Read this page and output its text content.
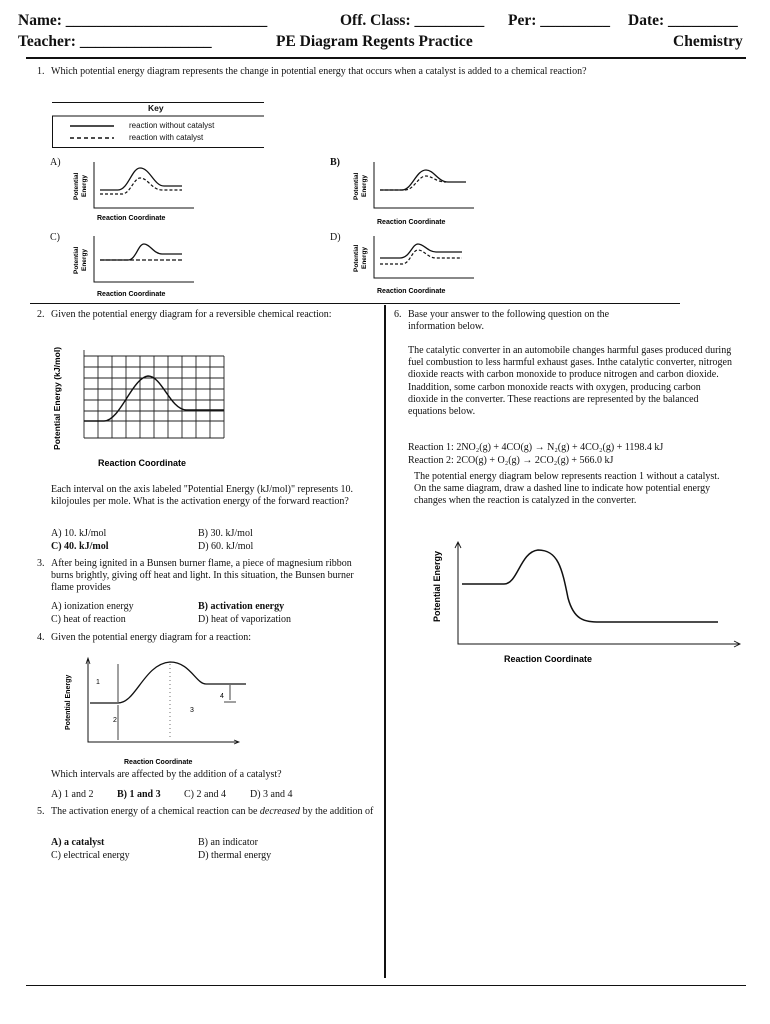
Name: __________________________	Off. Class: _________ Per: _________ Date: _________
Teacher: _________________	PE Diagram Regents Practice	Chemistry
1. Which potential energy diagram represents the change in potential energy that occurs when a catalyst is added to a chemical reaction?
Key
reaction without catalyst
reaction with catalyst
A)
Potential Energy
Reaction Coordinate
B)
Potential Energy
Reaction Coordinate
C)
Potential Energy
Reaction Coordinate
D)
Potential Energy
Reaction Coordinate
2. Given the potential energy diagram for a reversible chemical reaction:
Potential Energy (kJ/mol)
Reaction Coordinate
Each interval on the axis labeled "Potential Energy (kJ/mol)" represents 10. kilojoules per mole. What is the activation energy of the forward reaction?
A) 10. kJ/mol	B) 30. kJ/mol
C) 40. kJ/mol	D) 60. kJ/mol
3. After being ignited in a Bunsen burner flame, a piece of magnesium ribbon burns brightly, giving off heat and light. In this situation, the Bunsen burner flame provides
A) ionization energy	B) activation energy
C) heat of reaction	D) heat of vaporization
4. Given the potential energy diagram for a reaction:
1
2
3
4
Potential Energy
Reaction Coordinate
Which intervals are affected by the addition of a catalyst?
A) 1 and 2 B) 1 and 3 C) 2 and 4 D) 3 and 4
5. The activation energy of a chemical reaction can be decreased by the addition of
A) a catalyst	B) an indicator
C) electrical energy	D) thermal energy
6. Base your answer to the following question on the information below.
The catalytic converter in an automobile changes harmful gases produced during fuel combustion to less harmful exhaust gases. Inthe catalytic converter, nitrogen dioxide reacts with carbon monoxide to produce nitrogen and carbon dioxide. Inaddition, some carbon monoxide reacts with oxygen, producing carbon dioxide in the converter. These reactions are represented by the balanced equations below.
Reaction 1: 2NO₂(g) + 4CO(g) → N₂(g) + 4CO₂(g) + 1198.4 kJ
Reaction 2: 2CO(g) + O₂(g) → 2CO₂(g) + 566.0 kJ
The potential energy diagram below represents reaction 1 without a catalyst. On the same diagram, draw a dashed line to indicate how potential energy changes when the reaction is catalyzed in the converter.
Potential Energy
Reaction Coordinate
